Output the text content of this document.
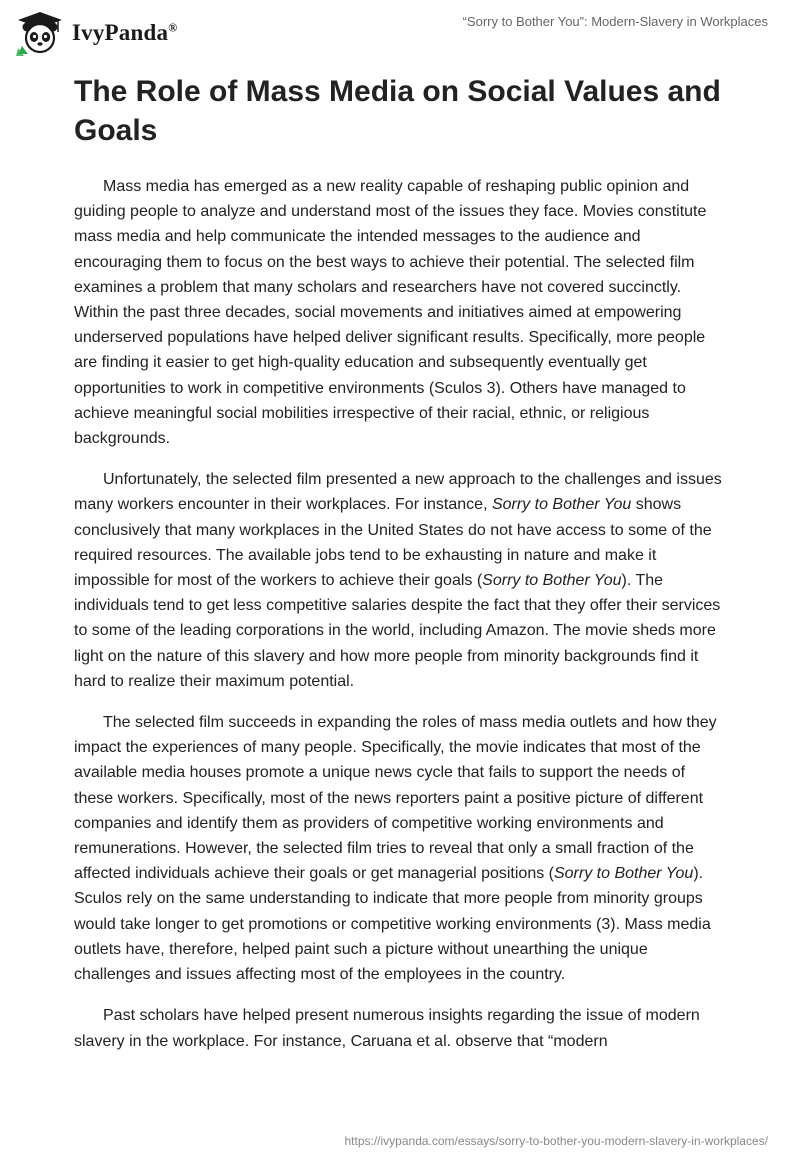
IvyPanda®	“Sorry to Bother You”: Modern-Slavery in Workplaces
The Role of Mass Media on Social Values and Goals

Mass media has emerged as a new reality capable of reshaping public opinion and guiding people to analyze and understand most of the issues they face. Movies constitute mass media and help communicate the intended messages to the audience and encouraging them to focus on the best ways to achieve their potential. The selected film examines a problem that many scholars and researchers have not covered succinctly. Within the past three decades, social movements and initiatives aimed at empowering underserved populations have helped deliver significant results. Specifically, more people are finding it easier to get high-quality education and subsequently eventually get opportunities to work in competitive environments (Sculos 3). Others have managed to achieve meaningful social mobilities irrespective of their racial, ethnic, or religious backgrounds.

Unfortunately, the selected film presented a new approach to the challenges and issues many workers encounter in their workplaces. For instance, Sorry to Bother You shows conclusively that many workplaces in the United States do not have access to some of the required resources. The available jobs tend to be exhausting in nature and make it impossible for most of the workers to achieve their goals (Sorry to Bother You). The individuals tend to get less competitive salaries despite the fact that they offer their services to some of the leading corporations in the world, including Amazon. The movie sheds more light on the nature of this slavery and how more people from minority backgrounds find it hard to realize their maximum potential.

The selected film succeeds in expanding the roles of mass media outlets and how they impact the experiences of many people. Specifically, the movie indicates that most of the available media houses promote a unique news cycle that fails to support the needs of these workers. Specifically, most of the news reporters paint a positive picture of different companies and identify them as providers of competitive working environments and remunerations. However, the selected film tries to reveal that only a small fraction of the affected individuals achieve their goals or get managerial positions (Sorry to Bother You). Sculos rely on the same understanding to indicate that more people from minority groups would take longer to get promotions or competitive working environments (3). Mass media outlets have, therefore, helped paint such a picture without unearthing the unique challenges and issues affecting most of the employees in the country.

Past scholars have helped present numerous insights regarding the issue of modern slavery in the workplace. For instance, Caruana et al. observe that “modern

https://ivypanda.com/essays/sorry-to-bother-you-modern-slavery-in-workplaces/
